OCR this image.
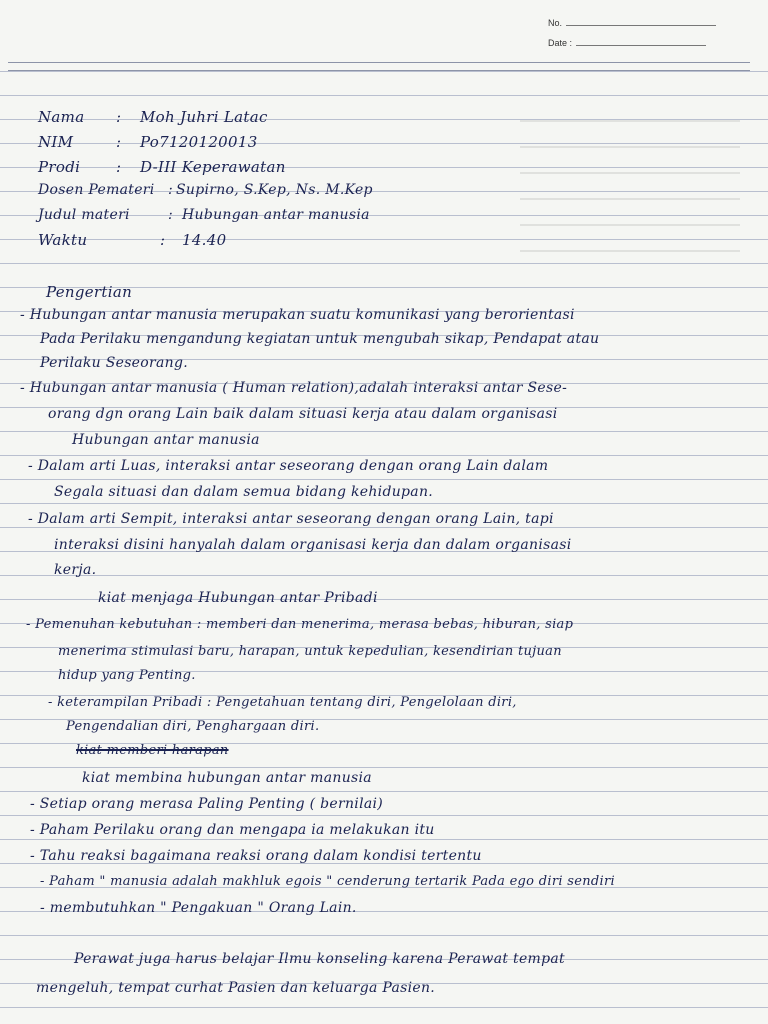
No.
Date :
Nama : Moh Juhri Latac
NIM	: Po7120120013
Prodi : D-III Keperawatan
Dosen Pemateri : Supirno, S.Kep, Ns. M.Kep
Judul materi	: Hubungan antar manusia
Waktu	: 14.40
Pengertian
- Hubungan antar manusia merupakan suatu komunikasi yang berorientasi
Pada Perilaku mengandung kegiatan untuk mengubah sikap, Pendapat atau
Perilaku Seseorang.
- Hubungan antar manusia ( Human relation),adalah interaksi antar Sese-
orang dgn orang Lain baik dalam situasi kerja atau dalam organisasi
Hubungan antar manusia
- Dalam arti Luas, interaksi antar seseorang dengan orang Lain dalam
Segala situasi dan dalam semua bidang kehidupan.
- Dalam arti Sempit, interaksi antar seseorang dengan orang Lain, tapi
interaksi disini hanyalah dalam organisasi kerja dan dalam organisasi
kerja.
kiat menjaga Hubungan antar Pribadi
- Pemenuhan kebutuhan : memberi dan menerima, merasa bebas, hiburan, siap
menerima stimulasi baru, harapan, untuk kepedulian, kesendirian tujuan
hidup yang Penting.
- keterampilan Pribadi : Pengetahuan tentang diri, Pengelolaan diri,
Pengendalian diri, Penghargaan diri.
kiat memberi harapan
kiat membina hubungan antar manusia
- Setiap orang merasa Paling Penting ( bernilai)
- Paham Perilaku orang dan mengapa ia melakukan itu
- Tahu reaksi bagaimana reaksi orang dalam kondisi tertentu
- Paham " manusia adalah makhluk egois " cenderung tertarik Pada ego diri sendiri
- membutuhkan " Pengakuan " Orang Lain.
Perawat juga harus belajar Ilmu konseling karena Perawat tempat
mengeluh, tempat curhat Pasien dan keluarga Pasien.
